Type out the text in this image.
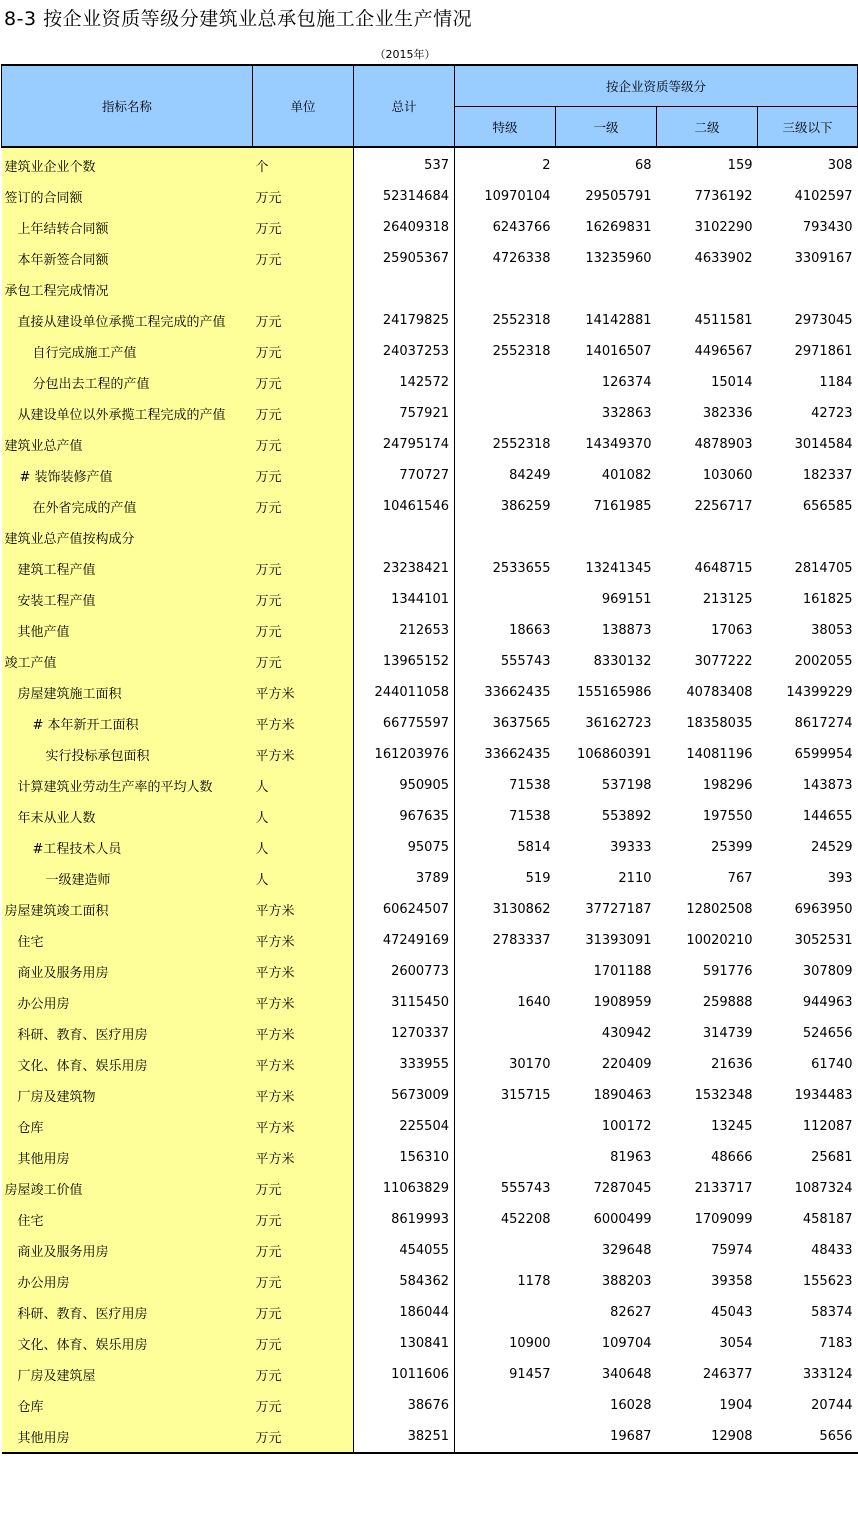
8-3 按企业资质等级分建筑业总承包施工企业生产情况
（2015年）
指标名称	单位	总计	按企业资质等级分			
			特级	一级	二级	三级以下
建筑业企业个数	个	537	2	68	159	308
签订的合同额	万元	52314684	10970104	29505791	7736192	4102597
上年结转合同额	万元	26409318	6243766	16269831	3102290	793430
本年新签合同额	万元	25905367	4726338	13235960	4633902	3309167
承包工程完成情况						
直接从建设单位承揽工程完成的产值	万元	24179825	2552318	14142881	4511581	2973045
自行完成施工产值	万元	24037253	2552318	14016507	4496567	2971861
分包出去工程的产值	万元	142572		126374	15014	1184
从建设单位以外承揽工程完成的产值	万元	757921		332863	382336	42723
建筑业总产值	万元	24795174	2552318	14349370	4878903	3014584
# 装饰装修产值	万元	770727	84249	401082	103060	182337
在外省完成的产值	万元	10461546	386259	7161985	2256717	656585
建筑业总产值按构成分						
建筑工程产值	万元	23238421	2533655	13241345	4648715	2814705
安装工程产值	万元	1344101		969151	213125	161825
其他产值	万元	212653	18663	138873	17063	38053
竣工产值	万元	13965152	555743	8330132	3077222	2002055
房屋建筑施工面积	平方米	244011058	33662435	155165986	40783408	14399229
# 本年新开工面积	平方米	66775597	3637565	36162723	18358035	8617274
实行投标承包面积	平方米	161203976	33662435	106860391	14081196	6599954
计算建筑业劳动生产率的平均人数	人	950905	71538	537198	198296	143873
年末从业人数	人	967635	71538	553892	197550	144655
#工程技术人员	人	95075	5814	39333	25399	24529
一级建造师	人	3789	519	2110	767	393
房屋建筑竣工面积	平方米	60624507	3130862	37727187	12802508	6963950
住宅	平方米	47249169	2783337	31393091	10020210	3052531
商业及服务用房	平方米	2600773		1701188	591776	307809
办公用房	平方米	3115450	1640	1908959	259888	944963
科研、教育、医疗用房	平方米	1270337		430942	314739	524656
文化、体育、娱乐用房	平方米	333955	30170	220409	21636	61740
厂房及建筑物	平方米	5673009	315715	1890463	1532348	1934483
仓库	平方米	225504		100172	13245	112087
其他用房	平方米	156310		81963	48666	25681
房屋竣工价值	万元	11063829	555743	7287045	2133717	1087324
住宅	万元	8619993	452208	6000499	1709099	458187
商业及服务用房	万元	454055		329648	75974	48433
办公用房	万元	584362	1178	388203	39358	155623
科研、教育、医疗用房	万元	186044		82627	45043	58374
文化、体育、娱乐用房	万元	130841	10900	109704	3054	7183
厂房及建筑屋	万元	1011606	91457	340648	246377	333124
仓库	万元	38676		16028	1904	20744
其他用房	万元	38251		19687	12908	5656
